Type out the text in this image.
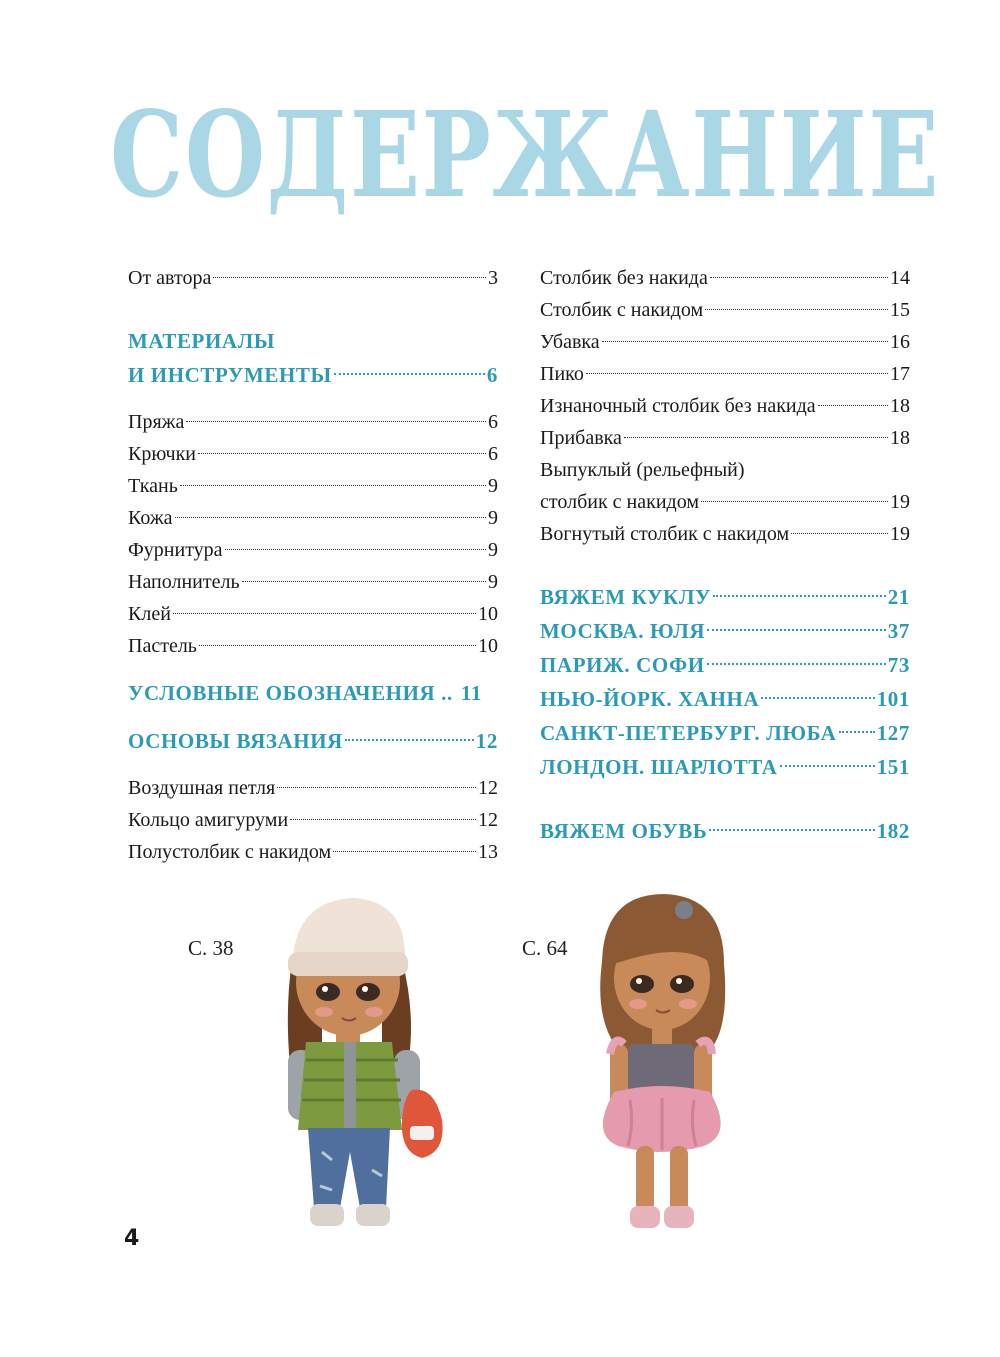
СОДЕРЖАНИЕ
От автора	3
МАТЕРИАЛЫ
И ИНСТРУМЕНТЫ	6
Пряжа	6
Крючки	6
Ткань	9
Кожа	9
Фурнитура	9
Наполнитель	9
Клей	10
Пастель	10
УСЛОВНЫЕ ОБОЗНАЧЕНИЯ .. 11
ОСНОВЫ ВЯЗАНИЯ	12
Воздушная петля	12
Кольцо амигуруми	12
Полустолбик с накидом	13
Столбик без накида	14
Столбик с накидом	15
Убавка	16
Пико	17
Изнаночный столбик без накида	18
Прибавка	18
Выпуклый (рельефный)
столбик с накидом	19
Вогнутый столбик с накидом	19
ВЯЖЕМ КУКЛУ	21
МОСКВА. ЮЛЯ	37
ПАРИЖ. СОФИ	73
НЬЮ-ЙОРК. ХАННА	101
САНКТ-ПЕТЕРБУРГ. ЛЮБА 127
ЛОНДОН. ШАРЛОТТА	151
ВЯЖЕМ ОБУВЬ	182
С. 38	С. 64
4
